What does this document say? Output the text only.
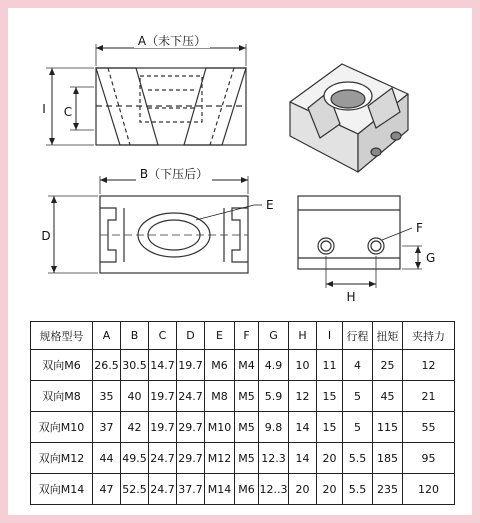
A（未下压）
I C
B（下压后）
D
E
F
G
H
规格型号	A	B	C	D	E	F	G	H	I	行程	扭矩	夹持力
双向M6	26.5	30.5	14.7	19.7	M6	M4	4.9	10	11	4	25	12
双向M8	35	40	19.7	24.7	M8	M5	5.9	12	15	5	45	21
双向M10	37	42	19.7	29.7	M10	M5	9.8	14	15	5	115	55
双向M12	44	49.5	24.7	29.7	M12	M5	12.3	14	20	5.5	185	95
双向M14	47	52.5	24.7	37.7	M14	M6	12..3	20	20	5.5	235	120
